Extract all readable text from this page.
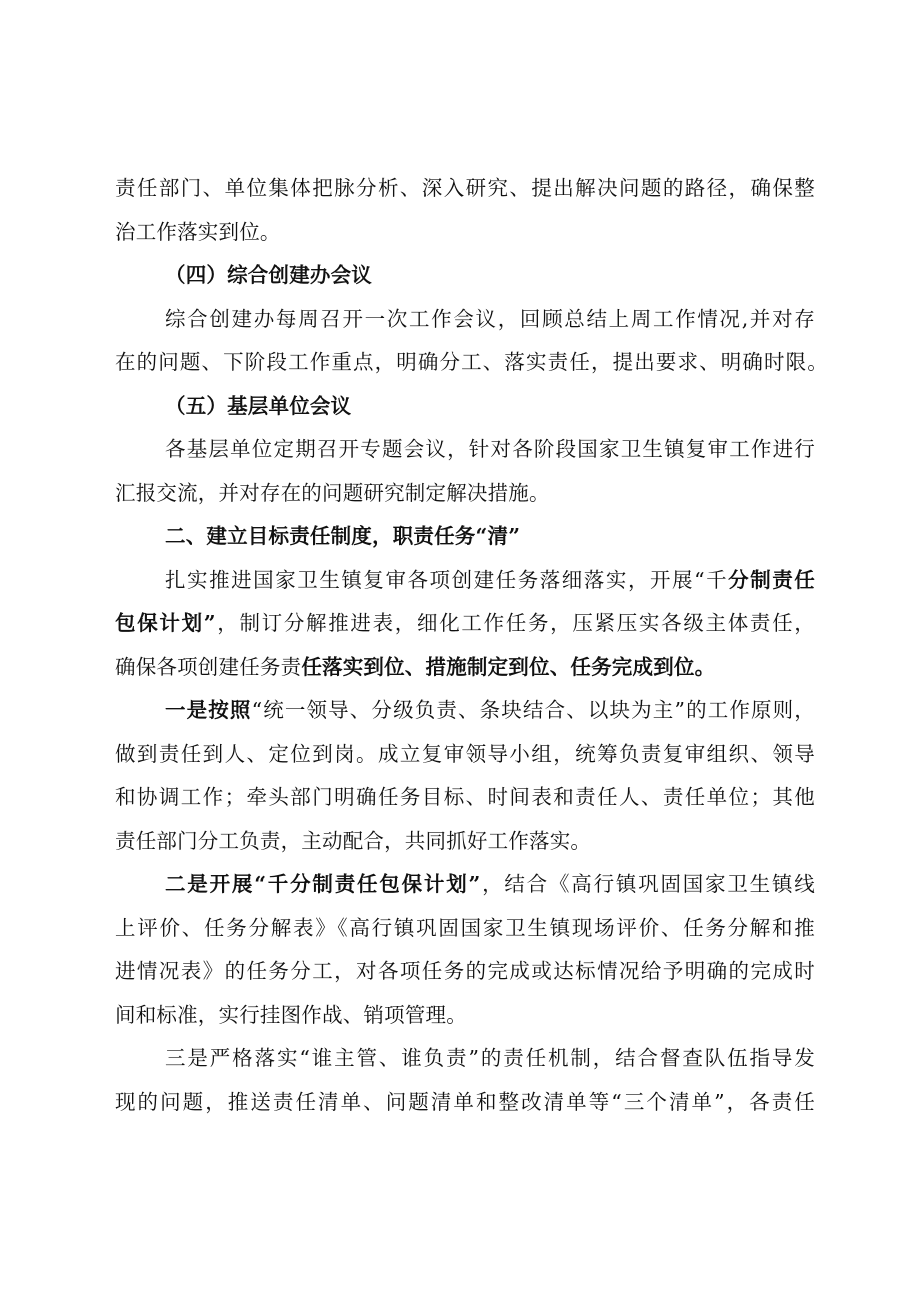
责任部门、单位集体把脉分析、深入研究、提出解决问题的路径，确保整
治工作落实到位。
（四）综合创建办会议
综合创建办每周召开一次工作会议，回顾总结上周工作情况,并对存
在的问题、下阶段工作重点，明确分工、落实责任，提出要求、明确时限。
（五）基层单位会议
各基层单位定期召开专题会议，针对各阶段国家卫生镇复审工作进行
汇报交流，并对存在的问题研究制定解决措施。
二、建立目标责任制度，职责任务“清”
扎实推进国家卫生镇复审各项创建任务落细落实，开展“千分制责任
包保计划”，制订分解推进表，细化工作任务，压紧压实各级主体责任，
确保各项创建任务责任落实到位、措施制定到位、任务完成到位。
一是按照“统一领导、分级负责、条块结合、以块为主”的工作原则，
做到责任到人、定位到岗。成立复审领导小组，统筹负责复审组织、领导
和协调工作；牵头部门明确任务目标、时间表和责任人、责任单位；其他
责任部门分工负责，主动配合，共同抓好工作落实。
二是开展“千分制责任包保计划”，结合《高行镇巩固国家卫生镇线
上评价、任务分解表》《高行镇巩固国家卫生镇现场评价、任务分解和推
进情况表》的任务分工，对各项任务的完成或达标情况给予明确的完成时
间和标准，实行挂图作战、销项管理。
三是严格落实“谁主管、谁负责”的责任机制，结合督查队伍指导发
现的问题，推送责任清单、问题清单和整改清单等“三个清单”，各责任
